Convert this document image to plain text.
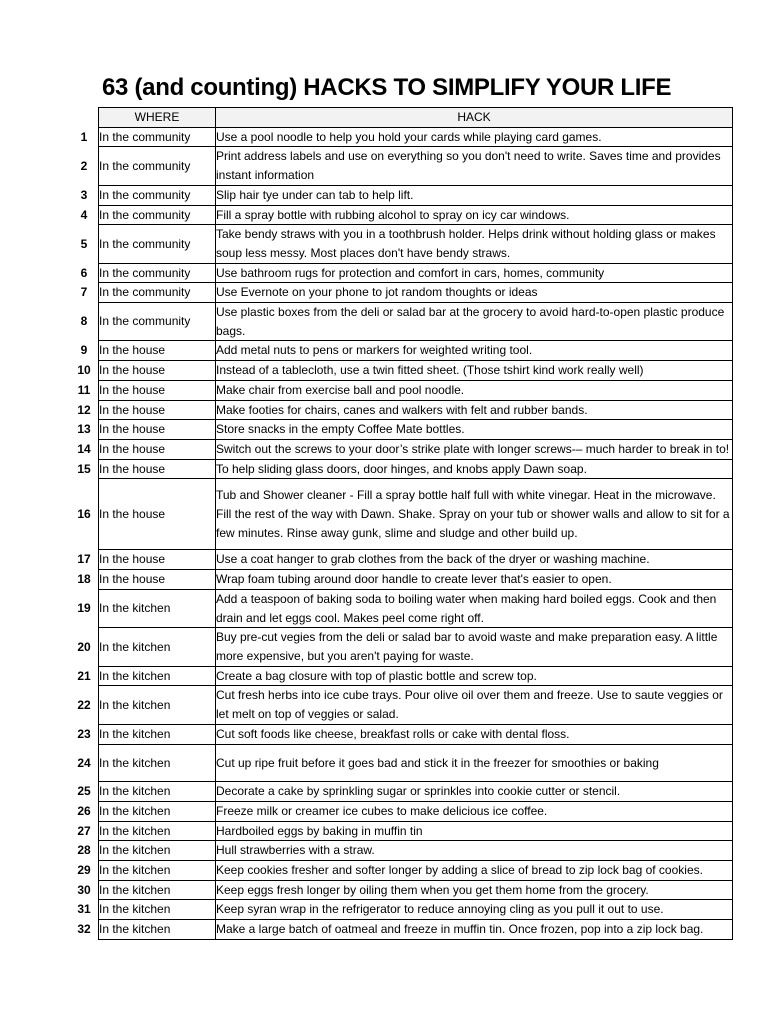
63 (and counting) HACKS TO SIMPLIFY YOUR LIFE
	WHERE	HACK
1	In the community	Use a pool noodle to help you hold your cards while playing card games.
2	In the community	Print address labels and use on everything so you don't need to write. Saves time and provides instant information
3	In the community	Slip hair tye under can tab to help lift.
4	In the community	Fill a spray bottle with rubbing alcohol to spray on icy car windows.
5	In the community	Take bendy straws with you in a toothbrush holder. Helps drink without holding glass or makes soup less messy. Most places don't have bendy straws.
6	In the community	Use bathroom rugs for protection and comfort in cars, homes, community
7	In the community	Use Evernote on your phone to jot random thoughts or ideas
8	In the community	Use plastic boxes from the deli or salad bar at the grocery to avoid hard-to-open plastic produce bags.
9	In the house	Add metal nuts to pens or markers for weighted writing tool.
10	In the house	Instead of a tablecloth, use a twin fitted sheet. (Those tshirt kind work really well)
11	In the house	Make chair from exercise ball and pool noodle.
12	In the house	Make footies for chairs, canes and walkers with felt and rubber bands.
13	In the house	Store snacks in the empty Coffee Mate bottles.
14	In the house	Switch out the screws to your door’s strike plate with longer screws-– much harder to break in to!
15	In the house	To help sliding glass doors, door hinges, and knobs apply Dawn soap.
16	In the house	Tub and Shower cleaner - Fill a spray bottle half full with white vinegar. Heat in the microwave. Fill the rest of the way with Dawn. Shake. Spray on your tub or shower walls and allow to sit for a few minutes. Rinse away gunk, slime and sludge and other build up.
17	In the house	Use a coat hanger to grab clothes from the back of the dryer or washing machine.
18	In the house	Wrap foam tubing around door handle to create lever that's easier to open.
19	In the kitchen	Add a teaspoon of baking soda to boiling water when making hard boiled eggs. Cook and then drain and let eggs cool. Makes peel come right off.
20	In the kitchen	Buy pre-cut vegies from the deli or salad bar to avoid waste and make preparation easy. A little more expensive, but you aren't paying for waste.
21	In the kitchen	Create a bag closure with top of plastic bottle and screw top.
22	In the kitchen	Cut fresh herbs into ice cube trays. Pour olive oil over them and freeze. Use to saute veggies or let melt on top of veggies or salad.
23	In the kitchen	Cut soft foods like cheese, breakfast rolls or cake with dental floss.
24	In the kitchen	Cut up ripe fruit before it goes bad and stick it in the freezer for smoothies or baking
25	In the kitchen	Decorate a cake by sprinkling sugar or sprinkles into cookie cutter or stencil.
26	In the kitchen	Freeze milk or creamer ice cubes to make delicious ice coffee.
27	In the kitchen	Hardboiled eggs by baking in muffin tin
28	In the kitchen	Hull strawberries with a straw.
29	In the kitchen	Keep cookies fresher and softer longer by adding a slice of bread to zip lock bag of cookies.
30	In the kitchen	Keep eggs fresh longer by oiling them when you get them home from the grocery.
31	In the kitchen	Keep syran wrap in the refrigerator to reduce annoying cling as you pull it out to use.
32	In the kitchen	Make a large batch of oatmeal and freeze in muffin tin. Once frozen, pop into a zip lock bag.
